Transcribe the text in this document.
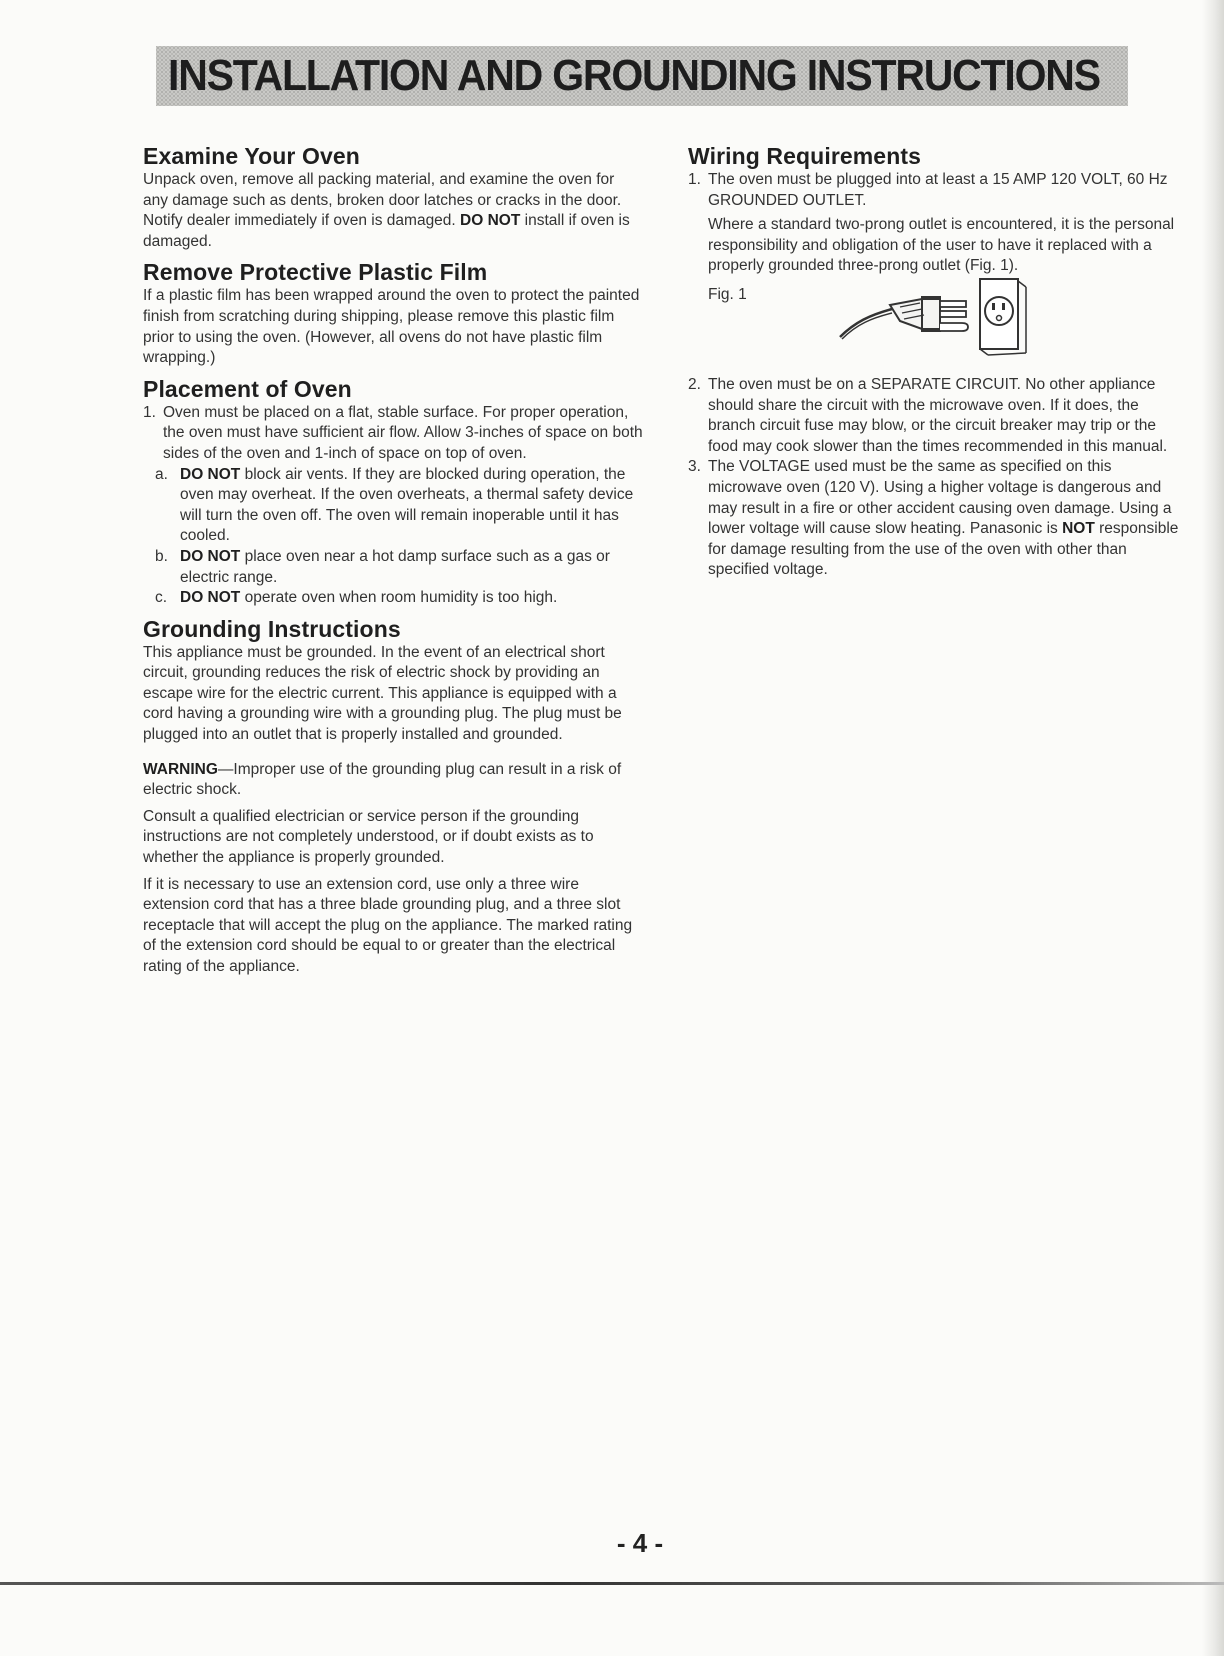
INSTALLATION AND GROUNDING INSTRUCTIONS
Examine Your Oven

Unpack oven, remove all packing material, and examine the oven for any damage such as dents, broken door latches or cracks in the door. Notify dealer immediately if oven is damaged. DO NOT install if oven is damaged.

Remove Protective Plastic Film

If a plastic film has been wrapped around the oven to protect the painted finish from scratching during shipping, please remove this plastic film prior to using the oven. (However, all ovens do not have plastic film wrapping.)

Placement of Oven
1. Oven must be placed on a flat, stable surface. For proper operation, the oven must have sufficient air flow. Allow 3-inches of space on both sides of the oven and 1-inch of space on top of oven.
a. DO NOT block air vents. If they are blocked during operation, the oven may overheat. If the oven overheats, a thermal safety device will turn the oven off. The oven will remain inoperable until it has cooled.
b. DO NOT place oven near a hot damp surface such as a gas or electric range.
c. DO NOT operate oven when room humidity is too high.
Grounding Instructions

This appliance must be grounded. In the event of an electrical short circuit, grounding reduces the risk of electric shock by providing an escape wire for the electric current. This appliance is equipped with a cord having a grounding wire with a grounding plug. The plug must be plugged into an outlet that is properly installed and grounded.

WARNING—Improper use of the grounding plug can result in a risk of electric shock.

Consult a qualified electrician or service person if the grounding instructions are not completely understood, or if doubt exists as to whether the appliance is properly grounded.

If it is necessary to use an extension cord, use only a three wire extension cord that has a three blade grounding plug, and a three slot receptacle that will accept the plug on the appliance. The marked rating of the extension cord should be equal to or greater than the electrical rating of the appliance.

Wiring Requirements
1. The oven must be plugged into at least a 15 AMP 120 VOLT, 60 Hz GROUNDED OUTLET.

Where a standard two-prong outlet is encountered, it is the personal responsibility and obligation of the user to have it replaced with a properly grounded three-prong outlet (Fig. 1).

Fig. 1
2. The oven must be on a SEPARATE CIRCUIT. No other appliance should share the circuit with the microwave oven. If it does, the branch circuit fuse may blow, or the circuit breaker may trip or the food may cook slower than the times recommended in this manual.
3. The VOLTAGE used must be the same as specified on this microwave oven (120 V). Using a higher voltage is dangerous and may result in a fire or other accident causing oven damage. Using a lower voltage will cause slow heating. Panasonic is NOT responsible for damage resulting from the use of the oven with other than specified voltage.
- 4 -
